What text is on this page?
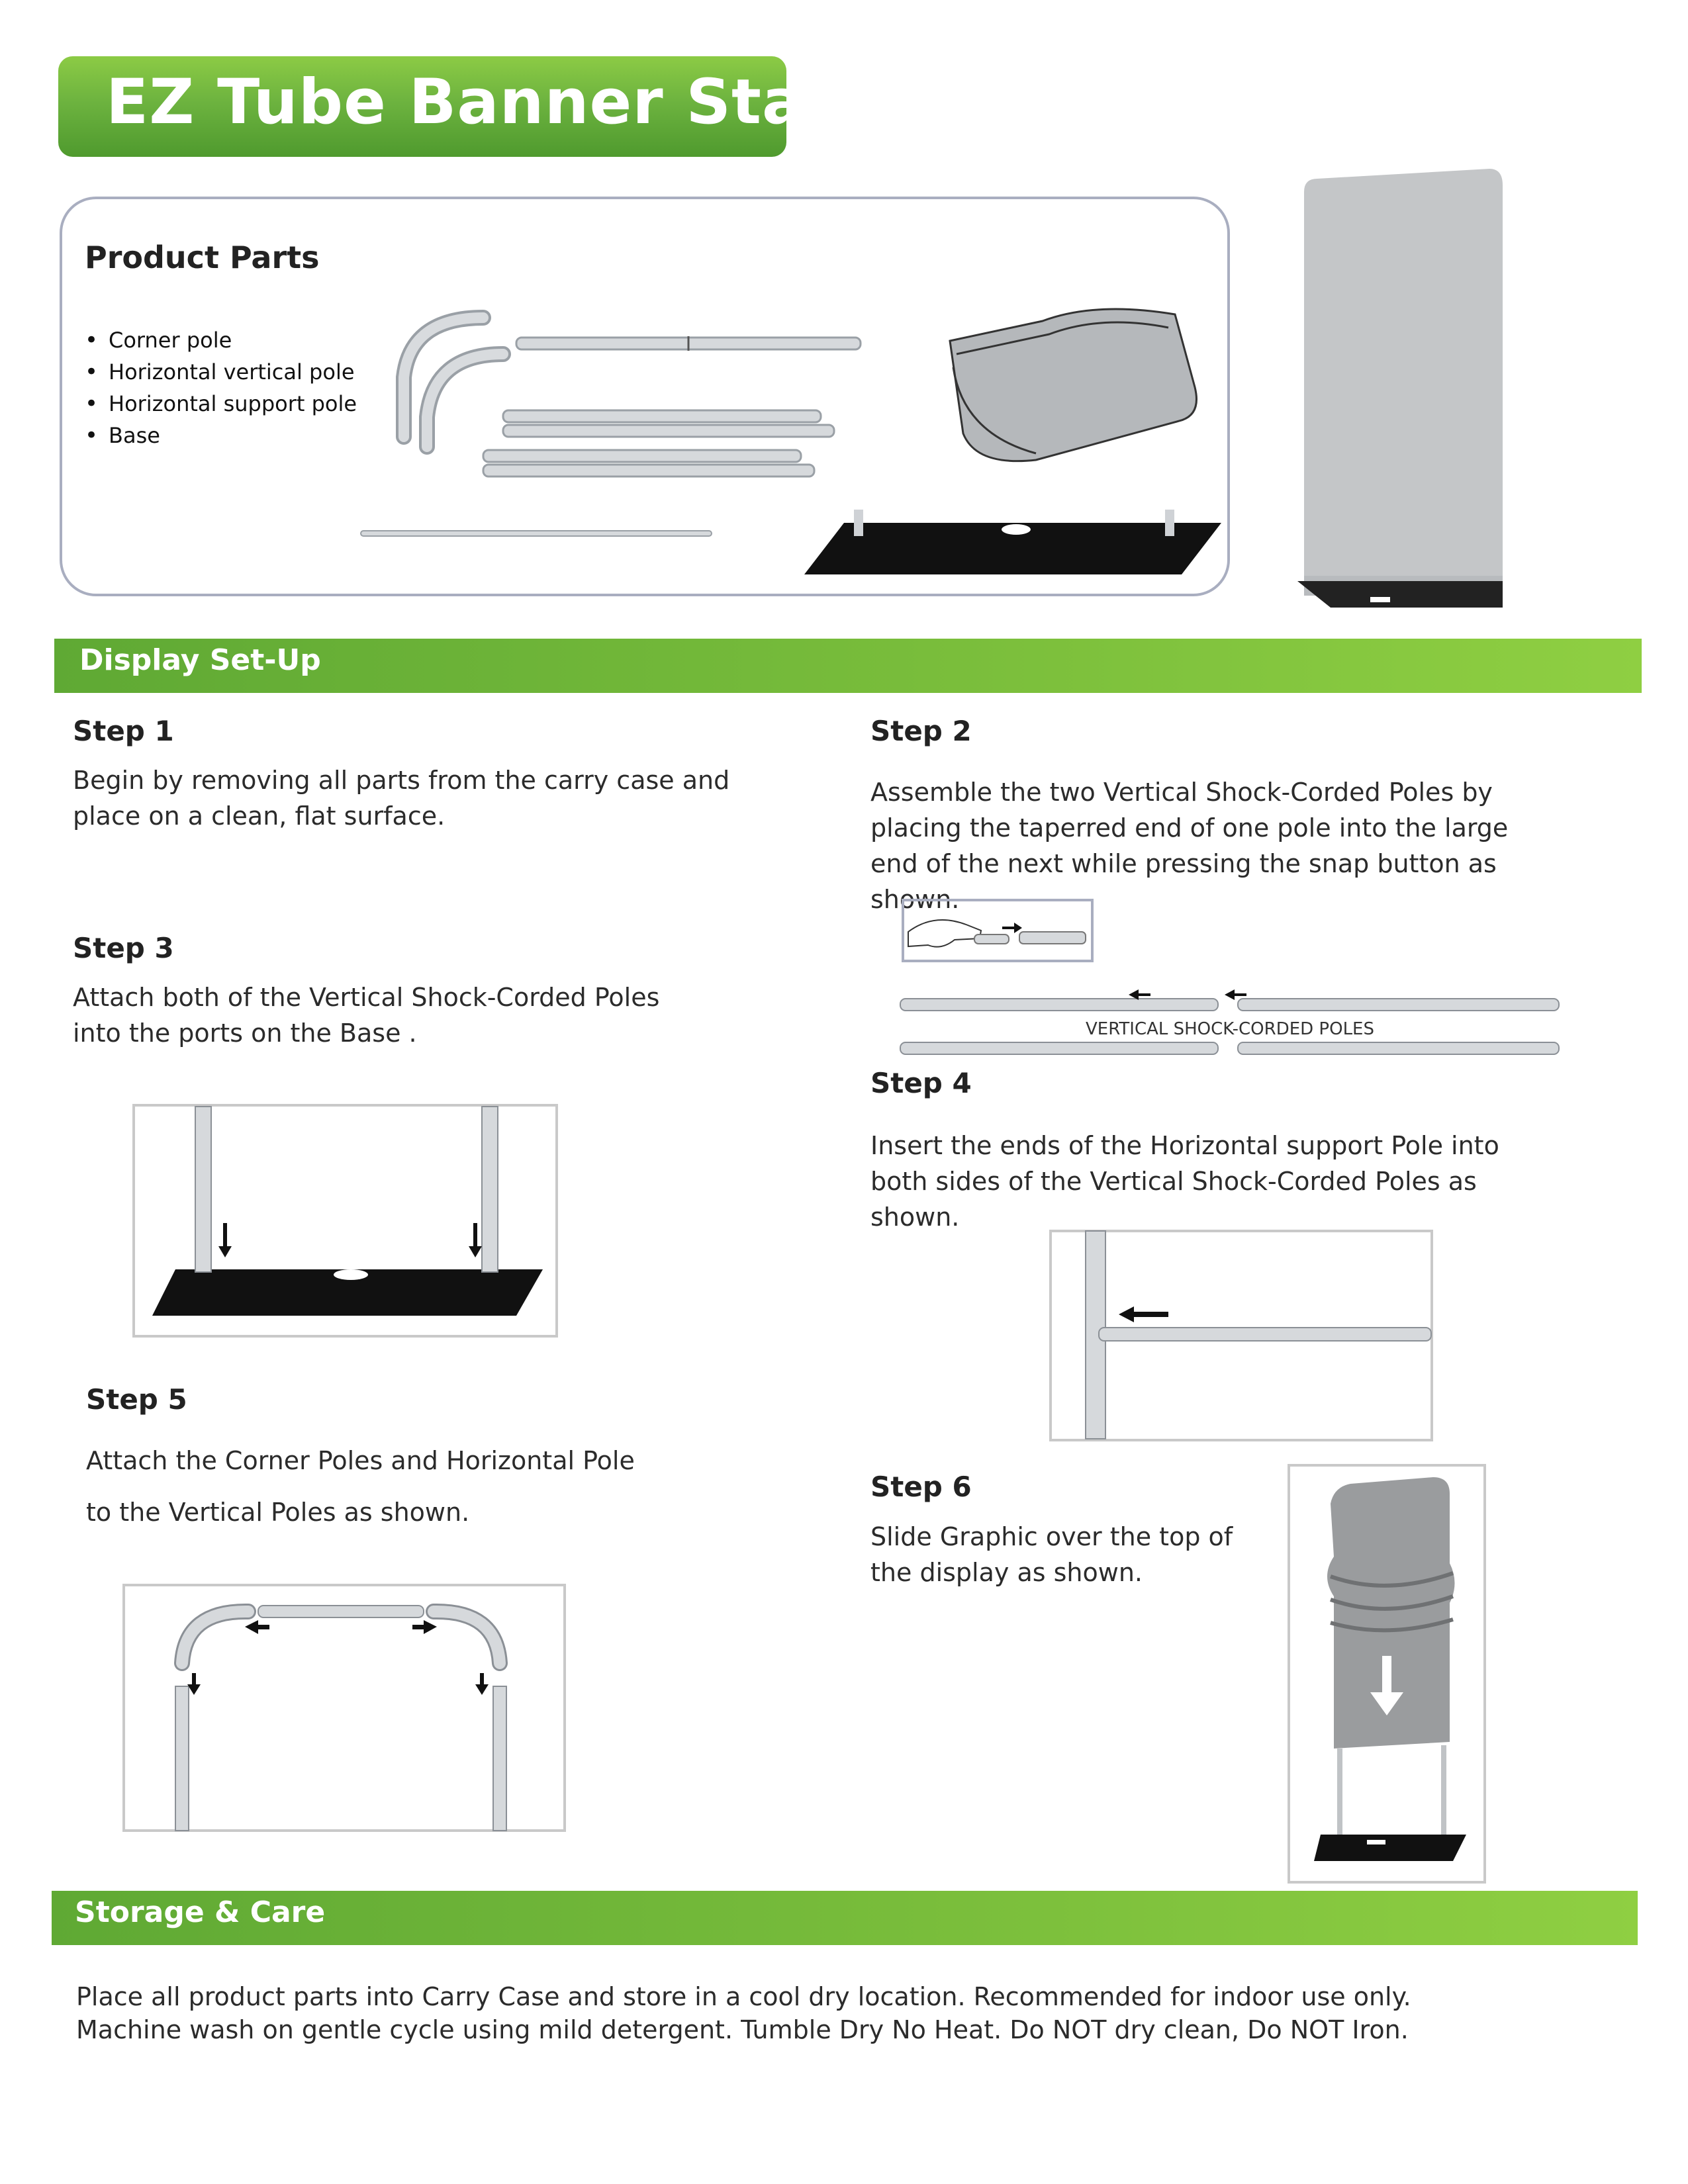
EZ Tube Banner Stand
Product Parts
• Corner pole
• Horizontal vertical pole
• Horizontal support pole
• Base
Display Set-Up
Step 1
Begin by removing all parts from the carry case and place on a clean, flat surface.
Step 2
Assemble the two Vertical Shock-Corded Poles by placing the taperred end of one pole into the large end of the next while pressing the snap button as shown.
VERTICAL SHOCK-CORDED POLES
Step 3
Attach both of the Vertical Shock-Corded Poles into the ports on the Base .
Step 4
Insert the ends of the Horizontal support Pole into both sides of the Vertical Shock-Corded Poles as shown.
Step 5
Attach the Corner Poles and Horizontal Pole
to the Vertical Poles as shown.
Step 6
Slide Graphic over the top of the display as shown.
Storage & Care
Place all product parts into Carry Case and store in a cool dry location. Recommended for indoor use only.
Machine wash on gentle cycle using mild detergent. Tumble Dry No Heat. Do NOT dry clean, Do NOT Iron.
